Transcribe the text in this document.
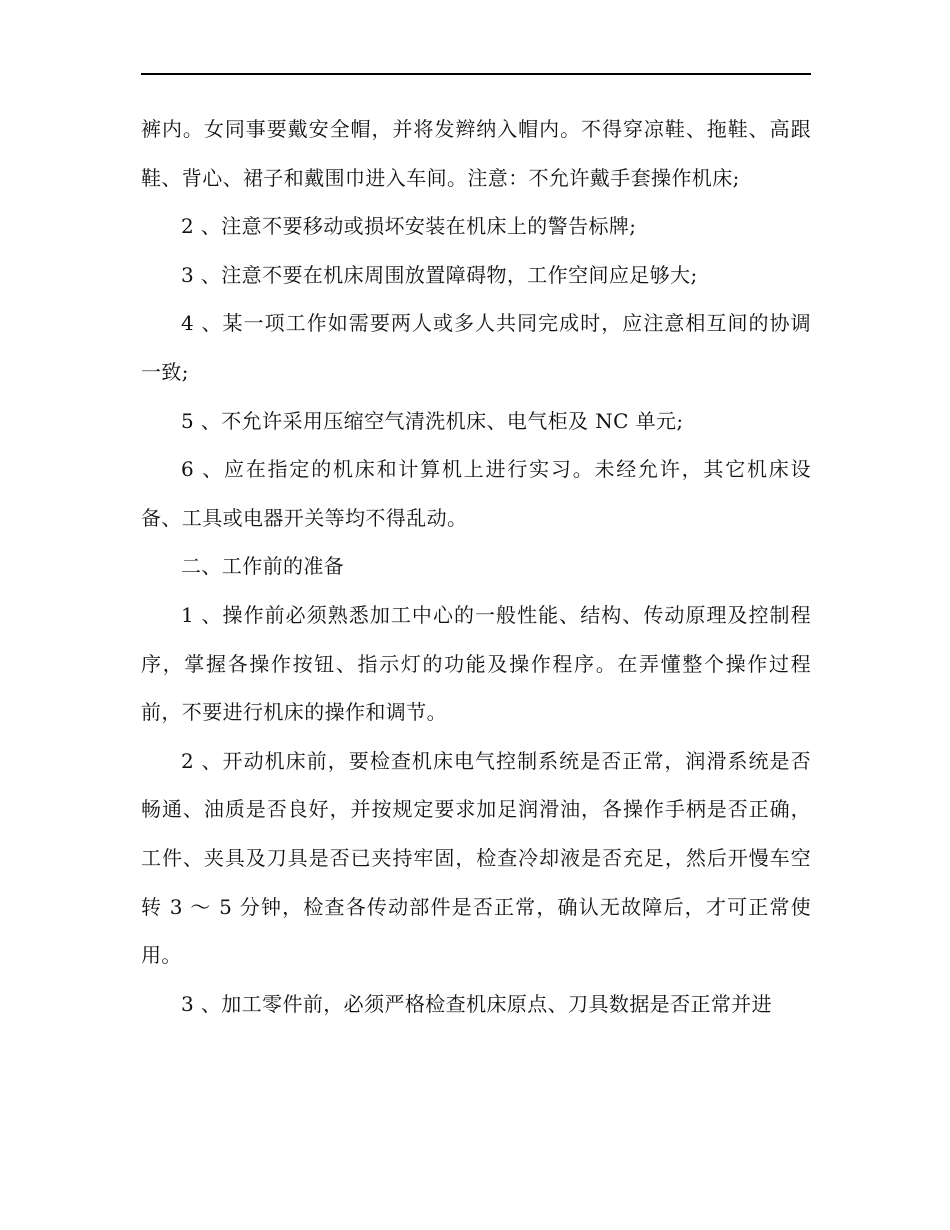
裤内。女同事要戴安全帽，并将发辫纳入帽内。不得穿凉鞋、拖鞋、高跟鞋、背心、裙子和戴围巾进入车间。注意：不允许戴手套操作机床;

2 、注意不要移动或损坏安装在机床上的警告标牌;

3 、注意不要在机床周围放置障碍物，工作空间应足够大;

4 、某一项工作如需要两人或多人共同完成时，应注意相互间的协调一致;

5 、不允许采用压缩空气清洗机床、电气柜及 NC 单元;

6 、应在指定的机床和计算机上进行实习。未经允许，其它机床设备、工具或电器开关等均不得乱动。

二、工作前的准备

1 、操作前必须熟悉加工中心的一般性能、结构、传动原理及控制程序，掌握各操作按钮、指示灯的功能及操作程序。在弄懂整个操作过程前，不要进行机床的操作和调节。

2 、开动机床前，要检查机床电气控制系统是否正常，润滑系统是否畅通、油质是否良好，并按规定要求加足润滑油，各操作手柄是否正确，工件、夹具及刀具是否已夹持牢固，检查冷却液是否充足，然后开慢车空转 3 ～ 5 分钟，检查各传动部件是否正常，确认无故障后，才可正常使用。

3 、加工零件前，必须严格检查机床原点、刀具数据是否正常并进
